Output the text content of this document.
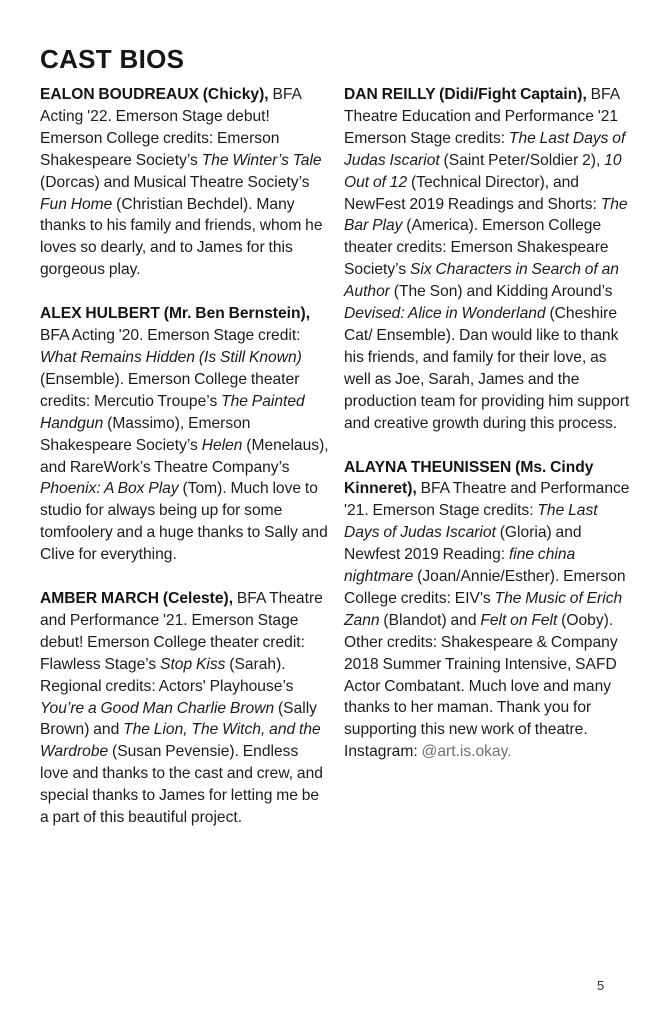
CAST BIOS

EALON BOUDREAUX (Chicky), BFA Acting '22. Emerson Stage debut! Emerson College credits: Emerson Shakespeare Society’s The Winter’s Tale (Dorcas) and Musical Theatre Society’s Fun Home (Christian Bechdel). Many thanks to his family and friends, whom he loves so dearly, and to James for this gorgeous play.

ALEX HULBERT (Mr. Ben Bernstein), BFA Acting '20. Emerson Stage credit: What Remains Hidden (Is Still Known) (Ensemble). Emerson College theater credits: Mercutio Troupe’s The Painted Handgun (Massimo), Emerson Shakespeare Society’s Helen (Menelaus), and RareWork’s Theatre Company’s Phoenix: A Box Play (Tom). Much love to studio for always being up for some tomfoolery and a huge thanks to Sally and Clive for everything.

AMBER MARCH (Celeste), BFA Theatre and Performance '21. Emerson Stage debut! Emerson College theater credit: Flawless Stage’s Stop Kiss (Sarah). Regional credits: Actors' Playhouse’s You’re a Good Man Charlie Brown (Sally Brown) and The Lion, The Witch, and the Wardrobe (Susan Pevensie). Endless love and thanks to the cast and crew, and special thanks to James for letting me be a part of this beautiful project.

DAN REILLY (Didi/Fight Captain), BFA Theatre Education and Performance '21 Emerson Stage credits: The Last Days of Judas Iscariot (Saint Peter/Soldier 2), 10 Out of 12 (Technical Director), and NewFest 2019 Readings and Shorts: The Bar Play (America). Emerson College theater credits: Emerson Shakespeare Society’s Six Characters in Search of an Author (The Son) and Kidding Around’s Devised: Alice in Wonderland (Cheshire Cat/ Ensemble). Dan would like to thank his friends, and family for their love, as well as Joe, Sarah, James and the production team for providing him support and creative growth during this process.

ALAYNA THEUNISSEN (Ms. Cindy Kinneret), BFA Theatre and Performance '21. Emerson Stage credits: The Last Days of Judas Iscariot (Gloria) and Newfest 2019 Reading: fine china nightmare (Joan/Annie/Esther). Emerson College credits: EIV's The Music of Erich Zann (Blandot) and Felt on Felt (Ooby). Other credits: Shakespeare & Company 2018 Summer Training Intensive, SAFD Actor Combatant. Much love and many thanks to her maman. Thank you for supporting this new work of theatre. Instagram: @art.is.okay.

5
